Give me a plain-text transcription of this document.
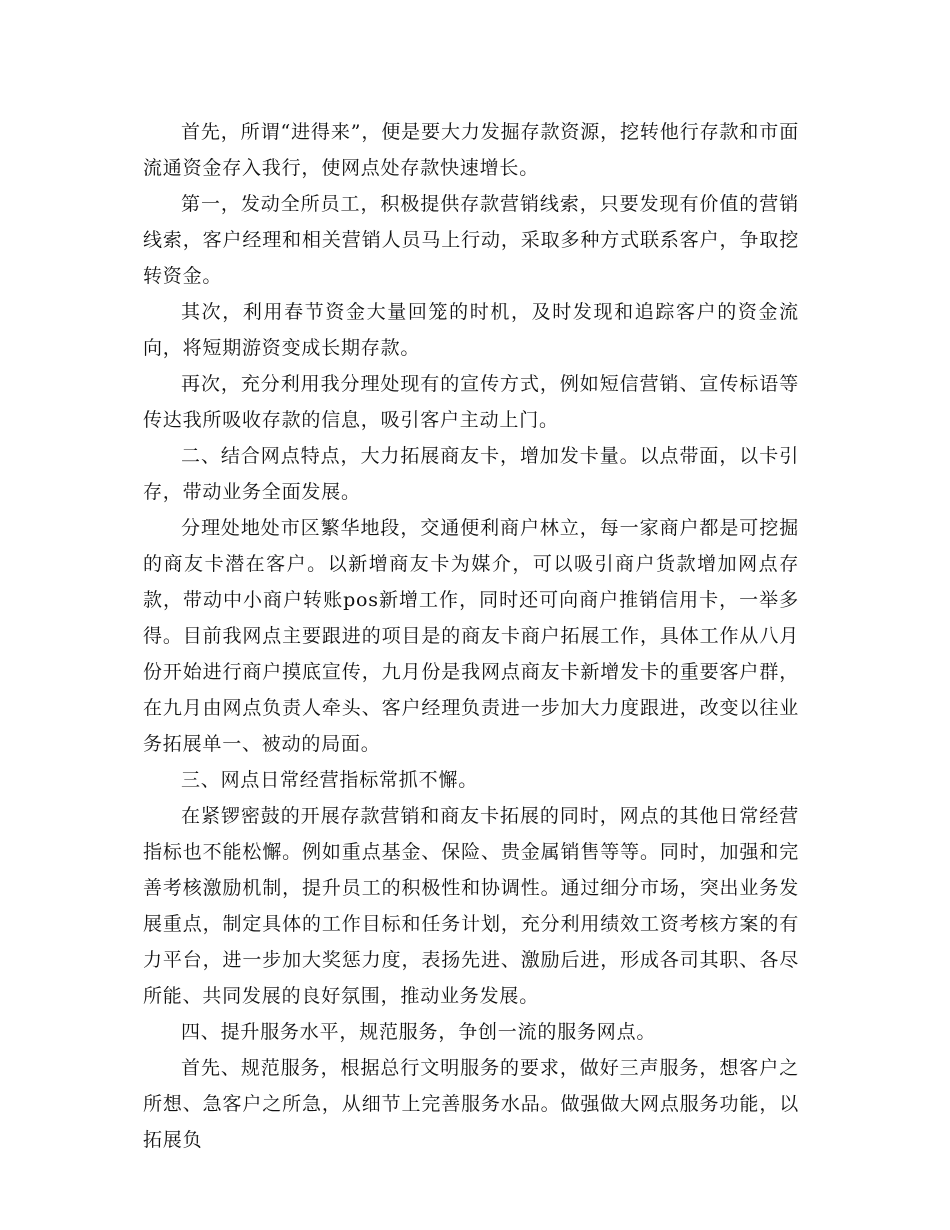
首先，所谓“进得来”，便是要大力发掘存款资源，挖转他行存款和市面流通资金存入我行，使网点处存款快速增长。

第一，发动全所员工，积极提供存款营销线索，只要发现有价值的营销线索，客户经理和相关营销人员马上行动，采取多种方式联系客户，争取挖转资金。

其次，利用春节资金大量回笼的时机，及时发现和追踪客户的资金流向，将短期游资变成长期存款。

再次，充分利用我分理处现有的宣传方式，例如短信营销、宣传标语等传达我所吸收存款的信息，吸引客户主动上门。

二、结合网点特点，大力拓展商友卡，增加发卡量。以点带面，以卡引存，带动业务全面发展。

分理处地处市区繁华地段，交通便利商户林立，每一家商户都是可挖掘的商友卡潜在客户。以新增商友卡为媒介，可以吸引商户货款增加网点存款，带动中小商户转账pos新增工作，同时还可向商户推销信用卡，一举多得。目前我网点主要跟进的项目是的商友卡商户拓展工作，具体工作从八月份开始进行商户摸底宣传，九月份是我网点商友卡新增发卡的重要客户群，在九月由网点负责人牵头、客户经理负责进一步加大力度跟进，改变以往业务拓展单一、被动的局面。

三、网点日常经营指标常抓不懈。

在紧锣密鼓的开展存款营销和商友卡拓展的同时，网点的其他日常经营指标也不能松懈。例如重点基金、保险、贵金属销售等等。同时，加强和完善考核激励机制，提升员工的积极性和协调性。通过细分市场，突出业务发展重点，制定具体的工作目标和任务计划，充分利用绩效工资考核方案的有力平台，进一步加大奖惩力度，表扬先进、激励后进，形成各司其职、各尽所能、共同发展的良好氛围，推动业务发展。

四、提升服务水平，规范服务，争创一流的服务网点。

首先、规范服务，根据总行文明服务的要求，做好三声服务，想客户之所想、急客户之所急，从细节上完善服务水品。做强做大网点服务功能，以拓展负
